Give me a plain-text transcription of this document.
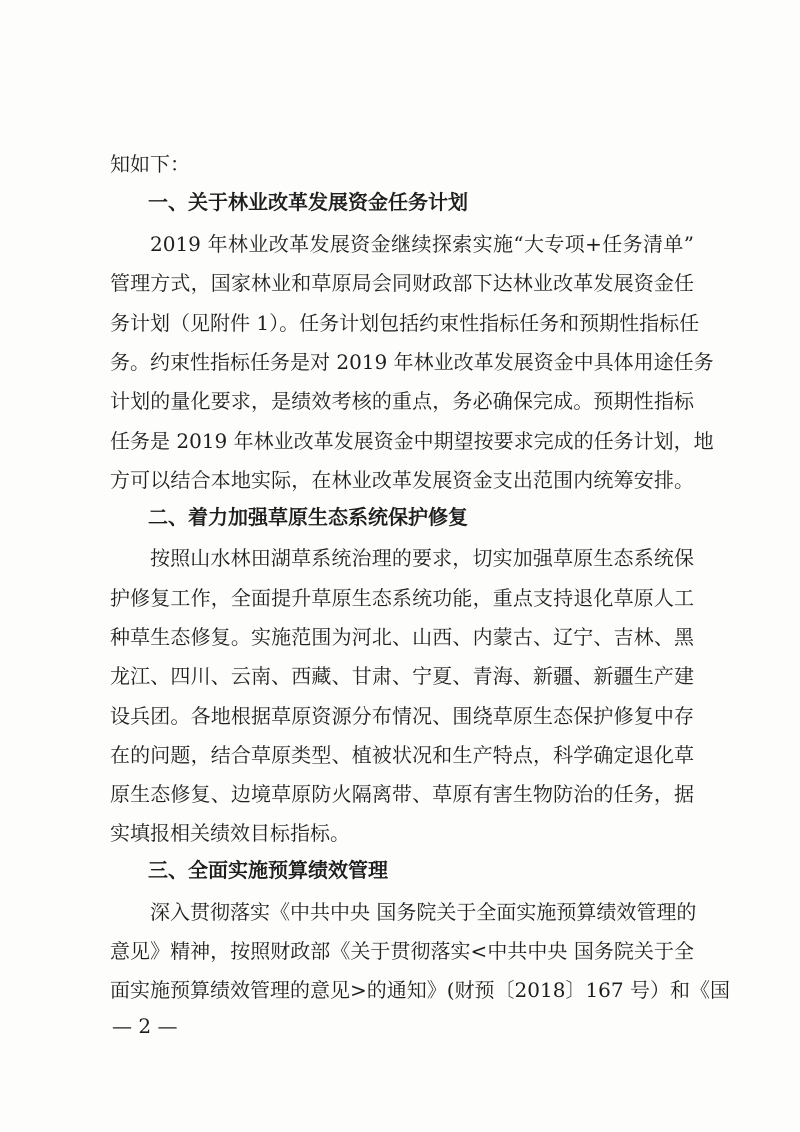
知如下：
一、关于林业改革发展资金任务计划
2019 年林业改革发展资金继续探索实施“大专项+任务清单”
管理方式，国家林业和草原局会同财政部下达林业改革发展资金任
务计划（见附件 1）。任务计划包括约束性指标任务和预期性指标任
务。约束性指标任务是对 2019 年林业改革发展资金中具体用途任务
计划的量化要求，是绩效考核的重点，务必确保完成。预期性指标
任务是 2019 年林业改革发展资金中期望按要求完成的任务计划，地
方可以结合本地实际，在林业改革发展资金支出范围内统筹安排。
二、着力加强草原生态系统保护修复
按照山水林田湖草系统治理的要求，切实加强草原生态系统保
护修复工作，全面提升草原生态系统功能，重点支持退化草原人工
种草生态修复。实施范围为河北、山西、内蒙古、辽宁、吉林、黑
龙江、四川、云南、西藏、甘肃、宁夏、青海、新疆、新疆生产建
设兵团。各地根据草原资源分布情况、围绕草原生态保护修复中存
在的问题，结合草原类型、植被状况和生产特点，科学确定退化草
原生态修复、边境草原防火隔离带、草原有害生物防治的任务，据
实填报相关绩效目标指标。
三、全面实施预算绩效管理
深入贯彻落实《中共中央 国务院关于全面实施预算绩效管理的
意见》精神，按照财政部《关于贯彻落实<中共中央 国务院关于全
面实施预算绩效管理的意见>的通知》(财预〔2018〕167 号）和《国
— 2 —
